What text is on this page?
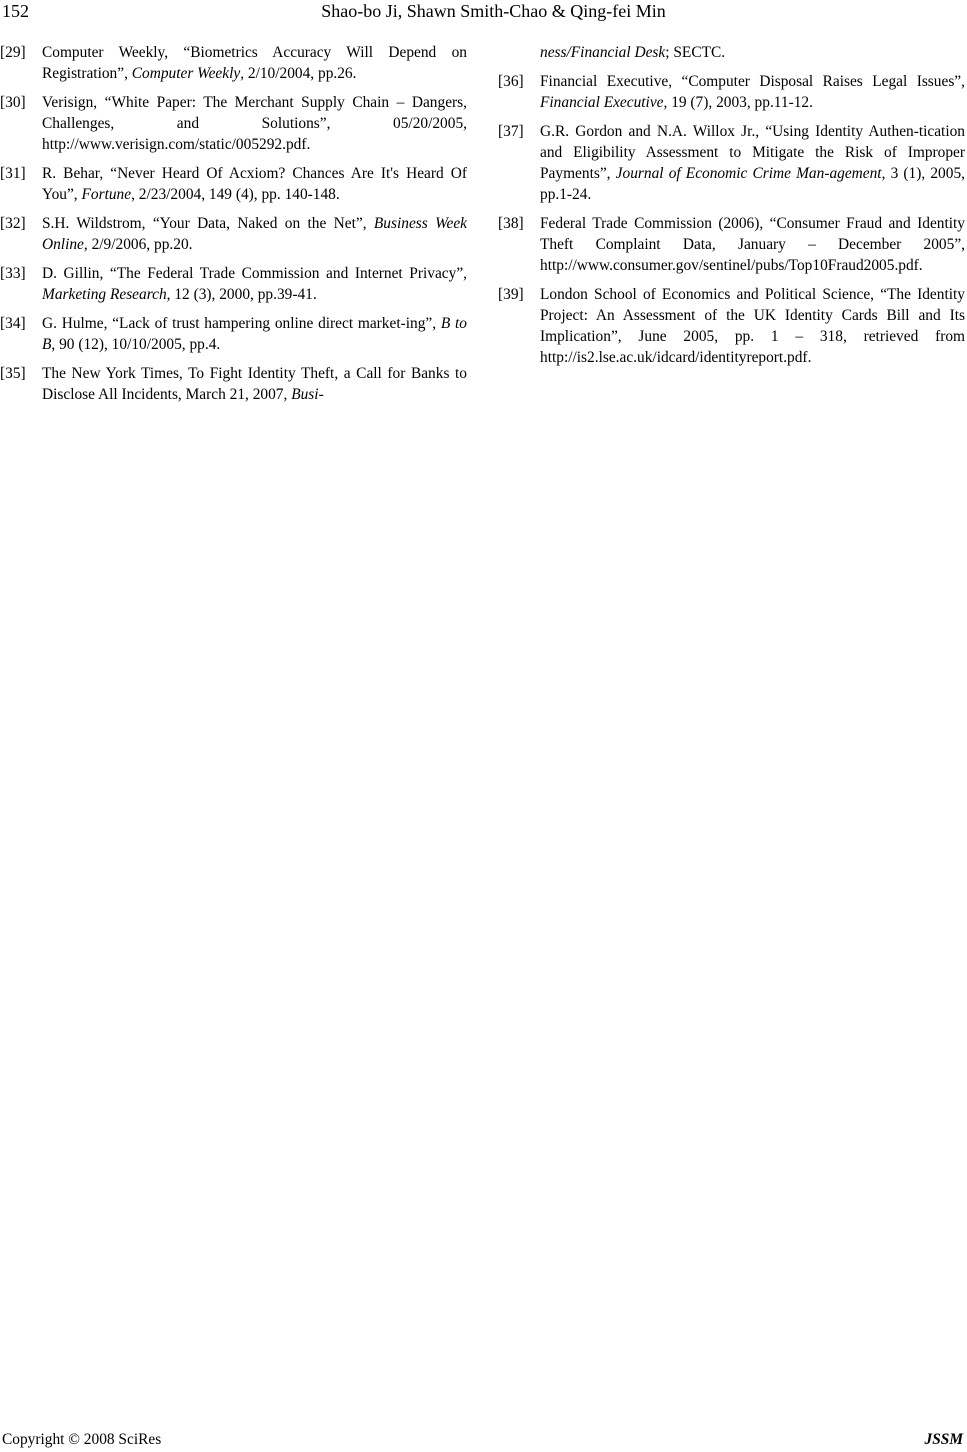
152	Shao-bo Ji, Shawn Smith-Chao & Qing-fei Min
[29]	Computer Weekly, “Biometrics Accuracy Will Depend on Registration”, Computer Weekly, 2/10/2004, pp.26.
[30]	Verisign, “White Paper: The Merchant Supply Chain – Dangers, Challenges, and Solutions”, 05/20/2005, http://www.verisign.com/static/005292.pdf.
[31]	R. Behar, “Never Heard Of Acxiom? Chances Are It's Heard Of You”, Fortune, 2/23/2004, 149 (4), pp. 140-148.
[32]	S.H. Wildstrom, “Your Data, Naked on the Net”, Business Week Online, 2/9/2006, pp.20.
[33]	D. Gillin, “The Federal Trade Commission and Internet Privacy”, Marketing Research, 12 (3), 2000, pp.39-41.
[34]	G. Hulme, “Lack of trust hampering online direct market-ing”, B to B, 90 (12), 10/10/2005, pp.4.
[35]	The New York Times, To Fight Identity Theft, a Call for Banks to Disclose All Incidents, March 21, 2007, Busi-
ness/Financial Desk; SECTC.
[36]	Financial Executive, “Computer Disposal Raises Legal Issues”, Financial Executive, 19 (7), 2003, pp.11-12.
[37]	G.R. Gordon and N.A. Willox Jr., “Using Identity Authen-tication and Eligibility Assessment to Mitigate the Risk of Improper Payments”, Journal of Economic Crime Man-agement, 3 (1), 2005, pp.1-24.
[38]	Federal Trade Commission (2006), “Consumer Fraud and Identity Theft Complaint Data, January – December 2005”, http://www.consumer.gov/sentinel/pubs/Top10Fraud2005.pdf.
[39]	London School of Economics and Political Science, “The Identity Project: An Assessment of the UK Identity Cards Bill and Its Implication”, June 2005, pp. 1 – 318, retrieved from http://is2.lse.ac.uk/idcard/identityreport.pdf.
Copyright © 2008 SciRes	JSSM
